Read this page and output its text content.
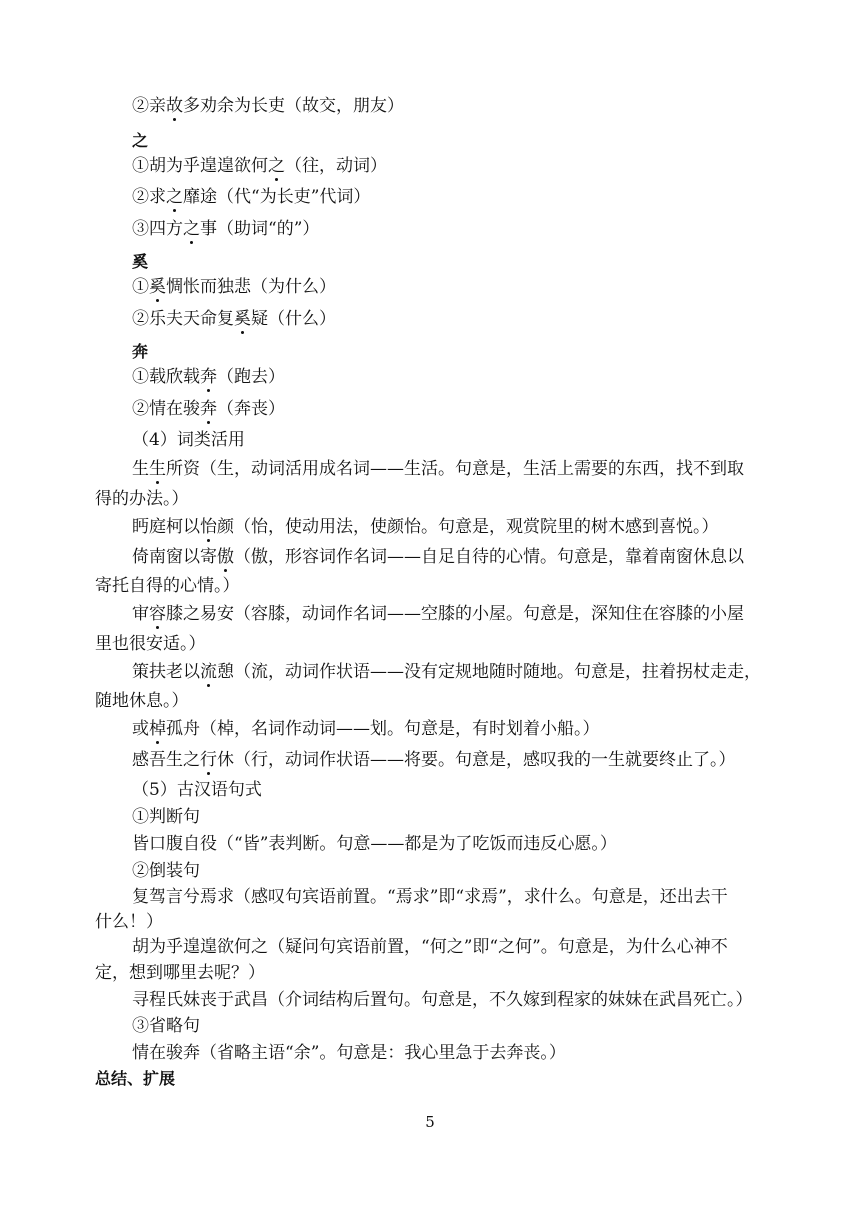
②亲故多劝余为长吏（故交，朋友）
之
①胡为乎遑遑欲何之（往，动词）
②求之靡途（代“为长吏”代词）
③四方之事（助词“的”）
奚
①奚惆怅而独悲（为什么）
②乐夫天命复奚疑（什么）
奔
①载欣载奔（跑去）
②情在骏奔（奔丧）
（4）词类活用
生生所资（生，动词活用成名词——生活。句意是，生活上需要的东西，找不到取
得的办法。）
眄庭柯以怡颜（怡，使动用法，使颜怡。句意是，观赏院里的树木感到喜悦。）
倚南窗以寄傲（傲，形容词作名词——自足自待的心情。句意是，靠着南窗休息以
寄托自得的心情。）
审容膝之易安（容膝，动词作名词——空膝的小屋。句意是，深知住在容膝的小屋
里也很安适。）
策扶老以流憩（流，动词作状语——没有定规地随时随地。句意是，拄着拐杖走走，
随地休息。）
或棹孤舟（棹，名词作动词——划。句意是，有时划着小船。）
感吾生之行休（行，动词作状语——将要。句意是，感叹我的一生就要终止了。）
（5）古汉语句式
①判断句
皆口腹自役（“皆”表判断。句意——都是为了吃饭而违反心愿。）
②倒装句
复驾言兮焉求（感叹句宾语前置。“焉求”即“求焉”，求什么。句意是，还出去干
什么！）
胡为乎遑遑欲何之（疑问句宾语前置，“何之”即“之何”。句意是，为什么心神不
定，想到哪里去呢？）
寻程氏妹丧于武昌（介词结构后置句。句意是，不久嫁到程家的妹妹在武昌死亡。）
③省略句
情在骏奔（省略主语“余”。句意是：我心里急于去奔丧。）
总结、扩展
5
